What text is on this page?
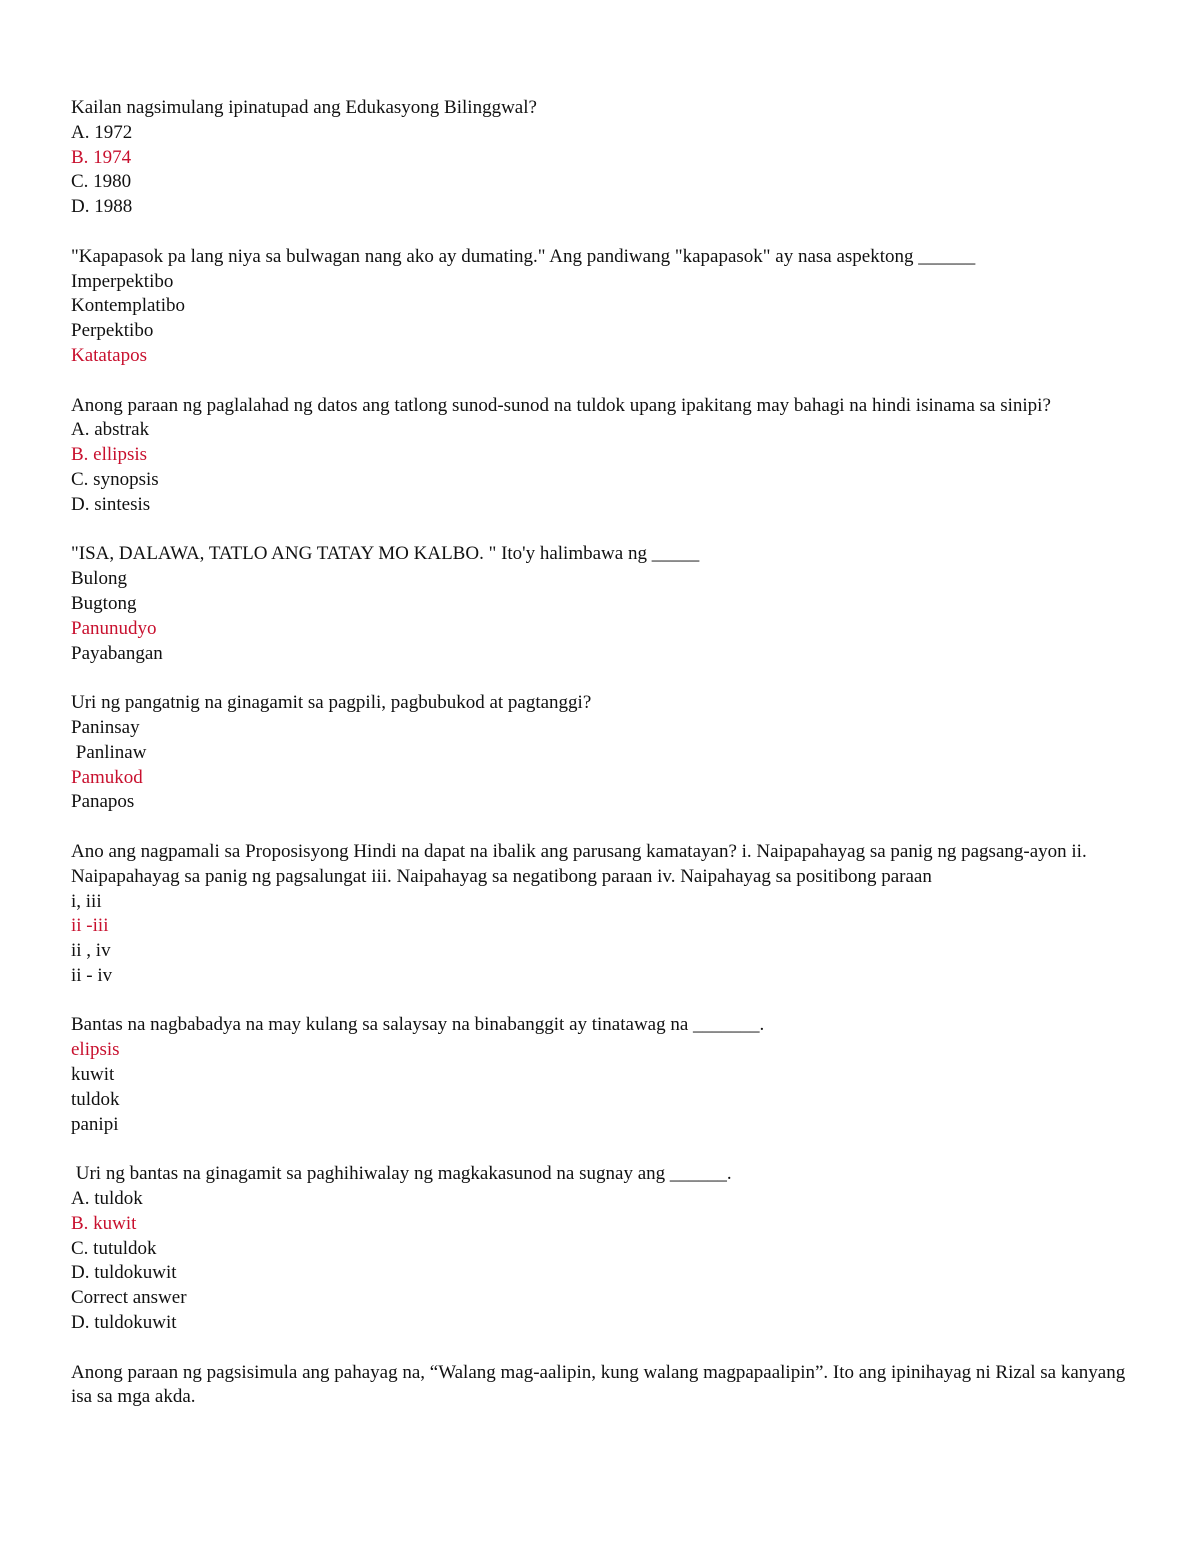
Kailan nagsimulang ipinatupad ang Edukasyong Bilinggwal?
A. 1972
B. 1974
C. 1980
D. 1988
"Kapapasok pa lang niya sa bulwagan nang ako ay dumating." Ang pandiwang "kapapasok" ay nasa aspektong ______
Imperpektibo
Kontemplatibo
Perpektibo
Katatapos
Anong paraan ng paglalahad ng datos ang tatlong sunod-sunod na tuldok upang ipakitang may bahagi na hindi isinama sa sinipi?
A. abstrak
B. ellipsis
C. synopsis
D. sintesis
"ISA, DALAWA, TATLO ANG TATAY MO KALBO. " Ito'y halimbawa ng _____
Bulong
Bugtong
Panunudyo
Payabangan
Uri ng pangatnig na ginagamit sa pagpili, pagbubukod at pagtanggi?
Paninsay
Panlinaw
Pamukod
Panapos
Ano ang nagpamali sa Proposisyong Hindi na dapat na ibalik ang parusang kamatayan? i. Naipapahayag sa panig ng pagsang-ayon ii. Naipapahayag sa panig ng pagsalungat iii. Naipahayag sa negatibong paraan iv. Naipahayag sa positibong paraan
i, iii
ii -iii
ii , iv
ii - iv
Bantas na nagbabadya na may kulang sa salaysay na binabanggit ay tinatawag na _______.
elipsis
kuwit
tuldok
panipi
Uri ng bantas na ginagamit sa paghihiwalay ng magkakasunod na sugnay ang ______.
A. tuldok
B. kuwit
C. tutuldok
D. tuldokuwit
Correct answer
D. tuldokuwit
Anong paraan ng pagsisimula ang pahayag na, “Walang mag-aalipin, kung walang magpapaalipin”. Ito ang ipinihayag ni Rizal sa kanyang isa sa mga akda.
